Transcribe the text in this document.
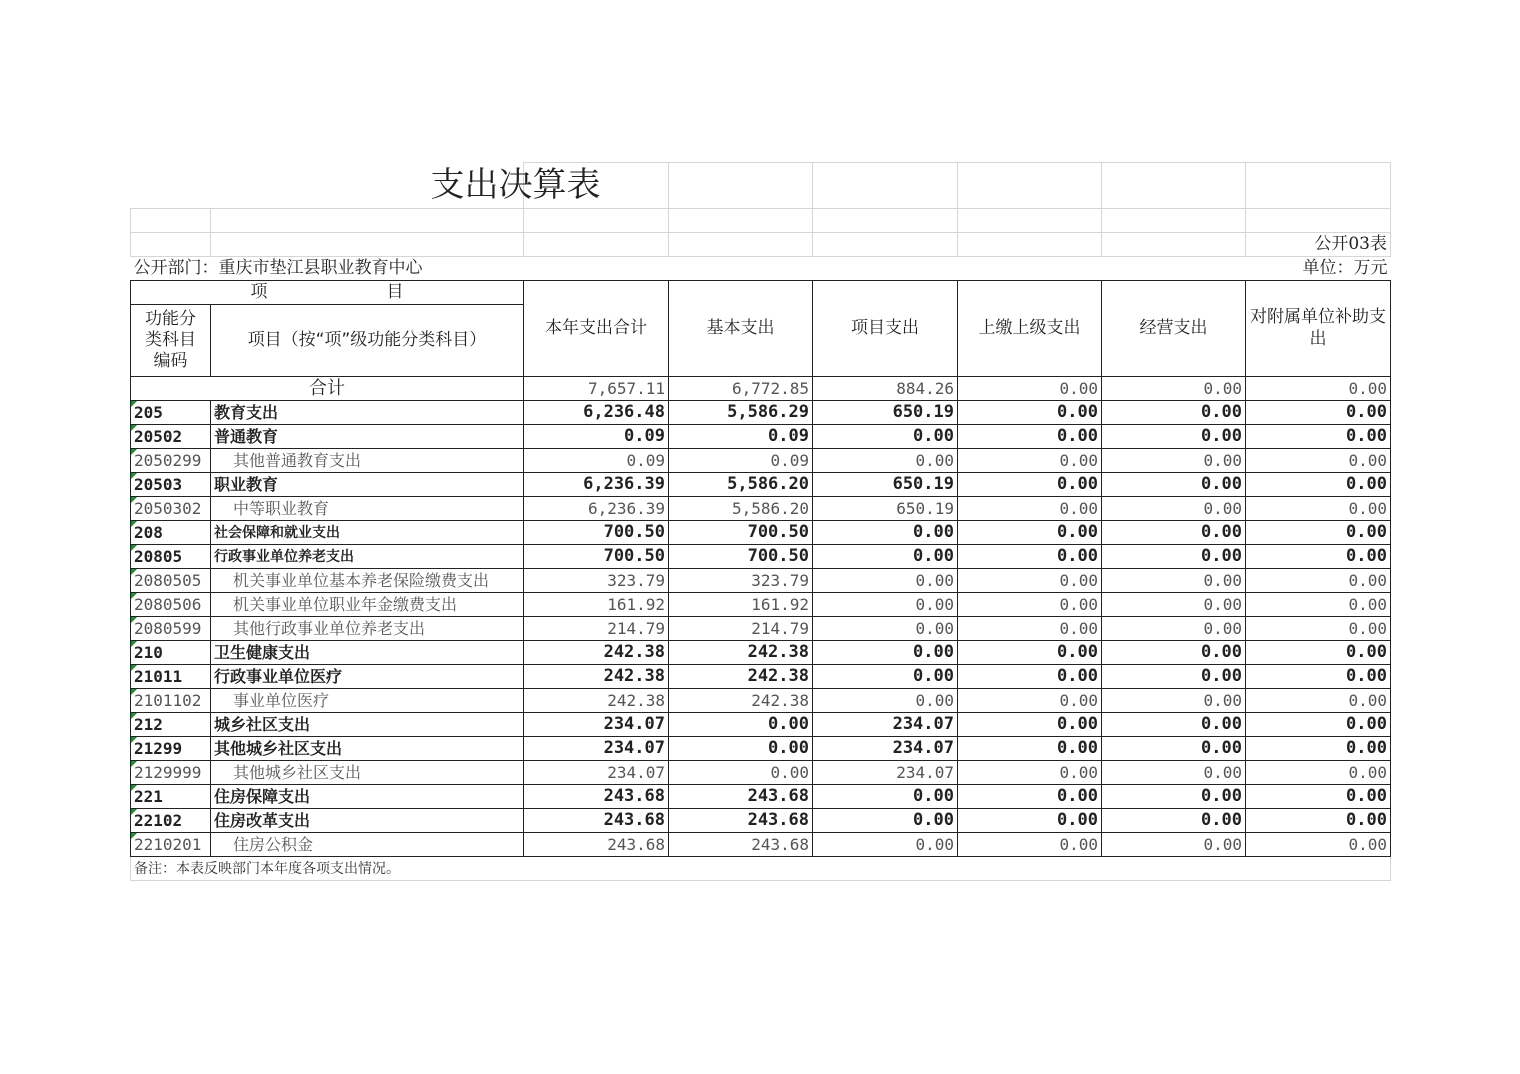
支出决算表							

							公开03表
公开部门：重庆市垫江县职业教育中心							单位：万元
项　　　　　　　目		本年支出合计	基本支出	项目支出	上缴上级支出	经营支出	对附属单位补助支出
功能分类科目编码	项目（按“项”级功能分类科目）						
合计		7,657.11	6,772.85	884.26	0.00	0.00	0.00
205	教育支出	6,236.48	5,586.29	650.19	0.00	0.00	0.00
20502	普通教育	0.09	0.09	0.00	0.00	0.00	0.00
2050299	其他普通教育支出	0.09	0.09	0.00	0.00	0.00	0.00
20503	职业教育	6,236.39	5,586.20	650.19	0.00	0.00	0.00
2050302	中等职业教育	6,236.39	5,586.20	650.19	0.00	0.00	0.00
208	社会保障和就业支出	700.50	700.50	0.00	0.00	0.00	0.00
20805	行政事业单位养老支出	700.50	700.50	0.00	0.00	0.00	0.00
2080505	机关事业单位基本养老保险缴费支出	323.79	323.79	0.00	0.00	0.00	0.00
2080506	机关事业单位职业年金缴费支出	161.92	161.92	0.00	0.00	0.00	0.00
2080599	其他行政事业单位养老支出	214.79	214.79	0.00	0.00	0.00	0.00
210	卫生健康支出	242.38	242.38	0.00	0.00	0.00	0.00
21011	行政事业单位医疗	242.38	242.38	0.00	0.00	0.00	0.00
2101102	事业单位医疗	242.38	242.38	0.00	0.00	0.00	0.00
212	城乡社区支出	234.07	0.00	234.07	0.00	0.00	0.00
21299	其他城乡社区支出	234.07	0.00	234.07	0.00	0.00	0.00
2129999	其他城乡社区支出	234.07	0.00	234.07	0.00	0.00	0.00
221	住房保障支出	243.68	243.68	0.00	0.00	0.00	0.00
22102	住房改革支出	243.68	243.68	0.00	0.00	0.00	0.00
2210201	住房公积金	243.68	243.68	0.00	0.00	0.00	0.00
备注：本表反映部门本年度各项支出情况。							
